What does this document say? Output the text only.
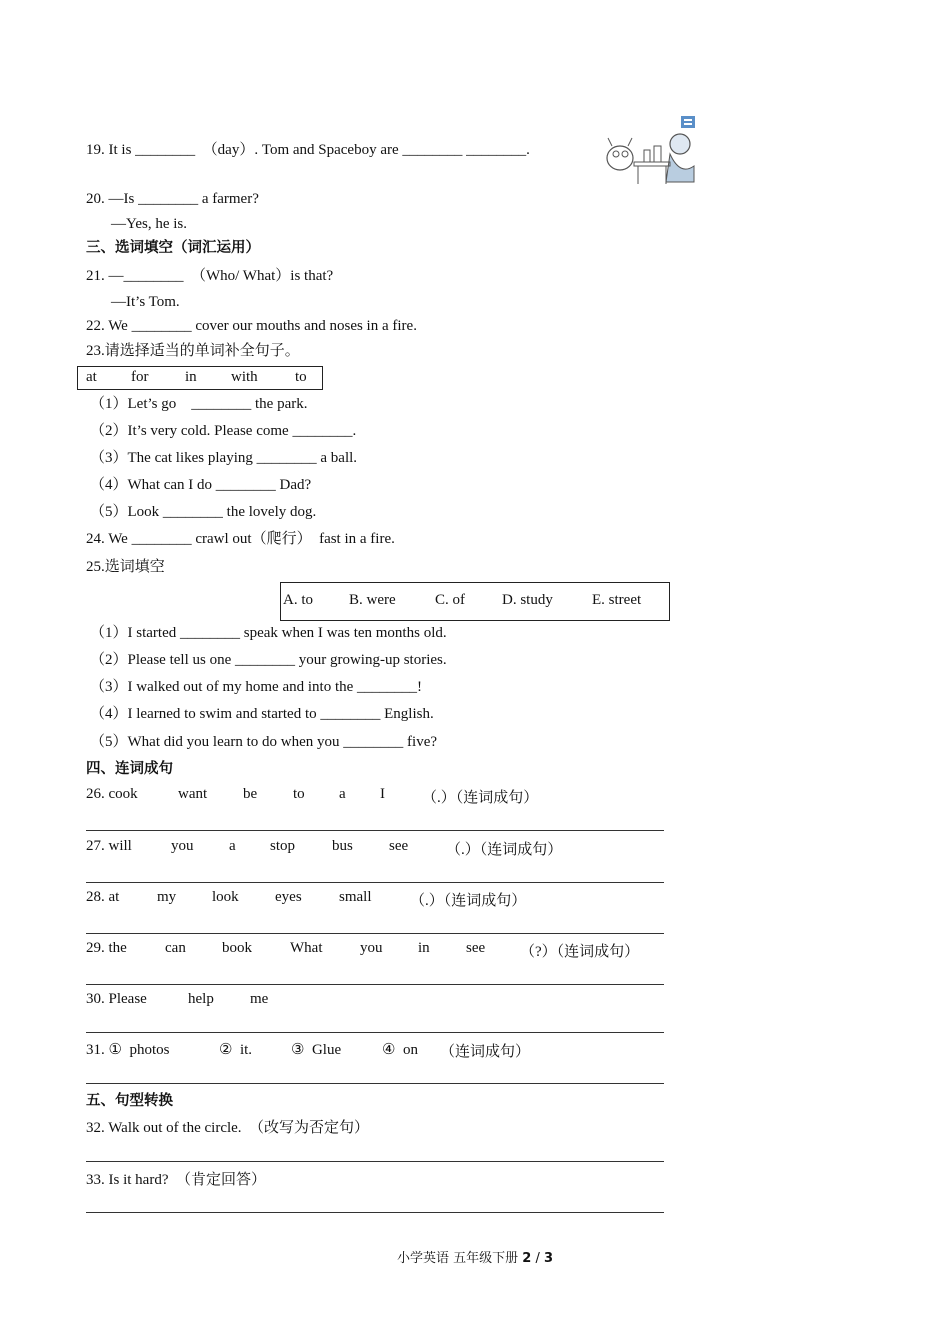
19. It is ________  （day）. Tom and Spaceboy are ________ ________.
20. —Is ________ a farmer?
—Yes, he is.
三、选词填空（词汇运用）
21. —________  （Who/ What）is that?
—It’s Tom.
22. We ________ cover our mouths and noses in a fire.
23.请选择适当的单词补全句子。
at for in with to
（1）Let’s go    ________ the park.
（2）It’s very cold. Please come ________.
（3）The cat likes playing ________ a ball.
（4）What can I do ________ Dad?
（5）Look ________ the lovely dog.
24. We ________ crawl out（爬行）  fast in a fire.
25.选词填空
A. to B. were	C. of D. study	E. street
（1）I started ________ speak when I was ten months old.
（2）Please tell us one ________ your growing-up stories.
（3）I walked out of my home and into the ________!
（4）I learned to swim and started to ________ English.
（5）What did you learn to do when you ________ five?
四、连词成句
26. cook	want be to a I （.）（连词成句）
27. will	you a stop bus see	（.）（连词成句）
28. at	my look eyes small	（.）（连词成句）
29. the	can book	What	you in see （?）（连词成句）
30. Please	help me
31. ①  photos	②  it.	③  Glue	④  on （连词成句）
五、句型转换
32. Walk out of the circle.  （改写为否定句）
33. Is it hard?  （肯定回答）
小学英语 五年级下册 2 / 3
